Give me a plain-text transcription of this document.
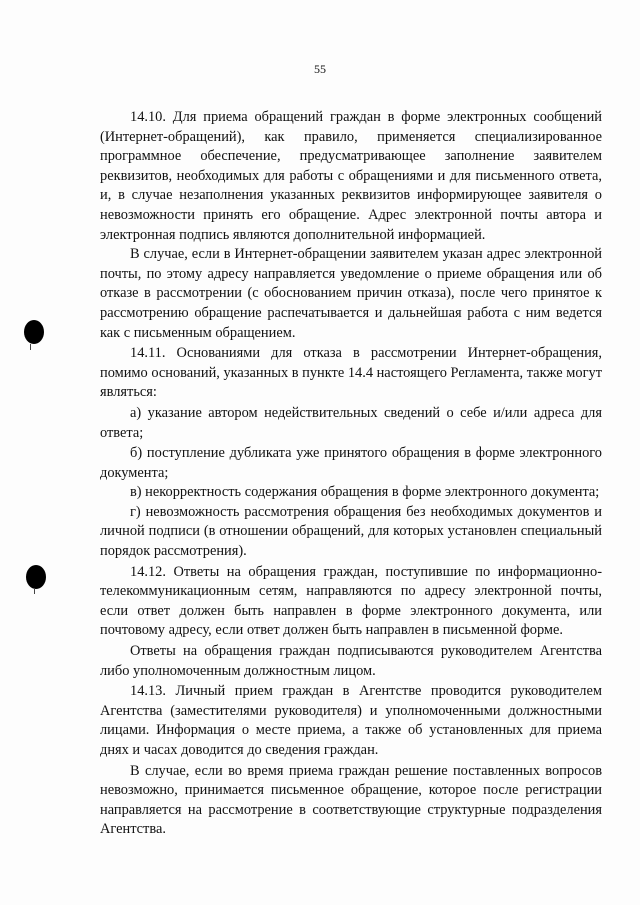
55

14.10. Для приема обращений граждан в форме электронных сообщений (Интернет-обращений), как правило, применяется специализированное программное обеспечение, предусматривающее заполнение заявителем реквизитов, необходимых для работы с обращениями и для письменного ответа, и, в случае незаполнения указанных реквизитов информирующее заявителя о невозможности принять его обращение. Адрес электронной почты автора и электронная подпись являются дополнительной информацией.

В случае, если в Интернет-обращении заявителем указан адрес электронной почты, по этому адресу направляется уведомление о приеме обращения или об отказе в рассмотрении (с обоснованием причин отказа), после чего принятое к рассмотрению обращение распечатывается и дальнейшая работа с ним ведется как с письменным обращением.

14.11. Основаниями для отказа в рассмотрении Интернет-обращения, помимо оснований, указанных в пункте 14.4 настоящего Регламента, также могут являться:

а) указание автором недействительных сведений о себе и/или адреса для ответа;

б) поступление дубликата уже принятого обращения в форме электронного документа;

в) некорректность содержания обращения в форме электронного документа;

г) невозможность рассмотрения обращения без необходимых документов и личной подписи (в отношении обращений, для которых установлен специальный порядок рассмотрения).

14.12. Ответы на обращения граждан, поступившие по информационно-телекоммуникационным сетям, направляются по адресу электронной почты, если ответ должен быть направлен в форме электронного документа, или почтовому адресу, если ответ должен быть направлен в письменной форме.

Ответы на обращения граждан подписываются руководителем Агентства либо уполномоченным должностным лицом.

14.13. Личный прием граждан в Агентстве проводится руководителем Агентства (заместителями руководителя) и уполномоченными должностными лицами. Информация о месте приема, а также об установленных для приема днях и часах доводится до сведения граждан.

В случае, если во время приема граждан решение поставленных вопросов невозможно, принимается письменное обращение, которое после регистрации направляется на рассмотрение в соответствующие структурные подразделения Агентства.
